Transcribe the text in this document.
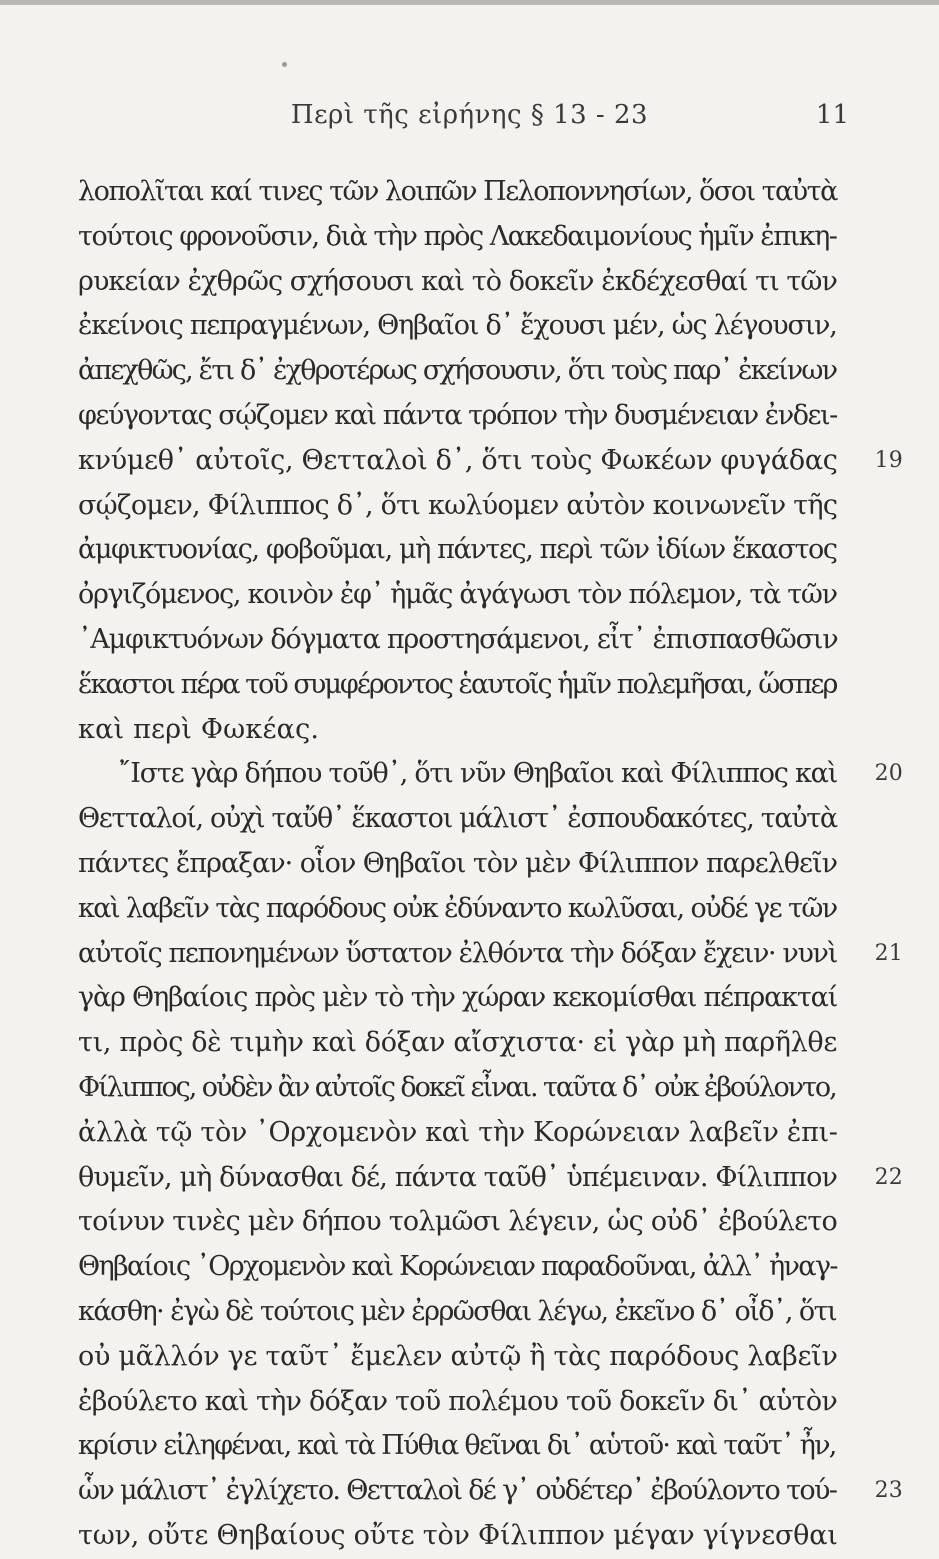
Περὶ τῆς εἰρήνης § 13 - 23	11
λοπολῖται καί τινες τῶν λοιπῶν Πελοποννησίων, ὅσοι ταὐτὰ
τούτοις φρονοῦσιν, διὰ τὴν πρὸς Λακεδαιμονίους ἡμῖν ἐπικη-
ρυκείαν ἐχθρῶς σχήσουσι καὶ τὸ δοκεῖν ἐκδέχεσθαί τι τῶν
ἐκείνοις πεπραγμένων, Θηβαῖοι δ᾽ ἔχουσι μέν, ὡς λέγουσιν,
ἀπεχθῶς, ἔτι δ᾽ ἐχθροτέρως σχήσουσιν, ὅτι τοὺς παρ᾽ ἐκείνων
φεύγοντας σῴζομεν καὶ πάντα τρόπον τὴν δυσμένειαν ἐνδει-
κνύμεθ᾽ αὐτοῖς, Θετταλοὶ δ᾽, ὅτι τοὺς Φωκέων φυγάδας 19
σῴζομεν, Φίλιππος δ᾽, ὅτι κωλύομεν αὐτὸν κοινωνεῖν τῆς
ἀμφικτυονίας, φοβοῦμαι, μὴ πάντες, περὶ τῶν ἰδίων ἕκαστος
ὀργιζόμενος, κοινὸν ἐφ᾽ ἡμᾶς ἀγάγωσι τὸν πόλεμον, τὰ τῶν
᾽Αμφικτυόνων δόγματα προστησάμενοι, εἶτ᾽ ἐπισπασθῶσιν
ἕκαστοι πέρα τοῦ συμφέροντος ἑαυτοῖς ἡμῖν πολεμῆσαι, ὥσπερ
καὶ περὶ Φωκέας.
῎Ιστε γὰρ δήπου τοῦθ᾽, ὅτι νῦν Θηβαῖοι καὶ Φίλιππος καὶ 20
Θετταλοί, οὐχὶ ταὔθ᾽ ἕκαστοι μάλιστ᾽ ἐσπουδακότες, ταὐτὰ
πάντες ἔπραξαν· οἷον Θηβαῖοι τὸν μὲν Φίλιππον παρελθεῖν
καὶ λαβεῖν τὰς παρόδους οὐκ ἐδύναντο κωλῦσαι, οὐδέ γε τῶν
αὐτοῖς πεπονημένων ὕστατον ἐλθόντα τὴν δόξαν ἔχειν· νυνὶ 21
γὰρ Θηβαίοις πρὸς μὲν τὸ τὴν χώραν κεκομίσθαι πέπρακταί
τι, πρὸς δὲ τιμὴν καὶ δόξαν αἴσχιστα· εἰ γὰρ μὴ παρῆλθε
Φίλιππος, οὐδὲν ἂν αὐτοῖς δοκεῖ εἶναι. ταῦτα δ᾽ οὐκ ἐβούλοντο,
ἀλλὰ τῷ τὸν ᾽Ορχομενὸν καὶ τὴν Κορώνειαν λαβεῖν ἐπι-
θυμεῖν, μὴ δύνασθαι δέ, πάντα ταῦθ᾽ ὑπέμειναν. Φίλιππον 22
τοίνυν τινὲς μὲν δήπου τολμῶσι λέγειν, ὡς οὐδ᾽ ἐβούλετο
Θηβαίοις ᾽Ορχομενὸν καὶ Κορώνειαν παραδοῦναι, ἀλλ᾽ ἠναγ-
κάσθη· ἐγὼ δὲ τούτοις μὲν ἐρρῶσθαι λέγω, ἐκεῖνο δ᾽ οἶδ᾽, ὅτι
οὐ μᾶλλόν γε ταῦτ᾽ ἔμελεν αὐτῷ ἢ τὰς παρόδους λαβεῖν
ἐβούλετο καὶ τὴν δόξαν τοῦ πολέμου τοῦ δοκεῖν δι᾽ αὑτὸν
κρίσιν εἰληφέναι, καὶ τὰ Πύθια θεῖναι δι᾽ αὑτοῦ· καὶ ταῦτ᾽ ἦν,
ὧν μάλιστ᾽ ἐγλίχετο. Θετταλοὶ δέ γ᾽ οὐδέτερ᾽ ἐβούλοντο τού- 23
των, οὔτε Θηβαίους οὔτε τὸν Φίλιππον μέγαν γίγνεσθαι
